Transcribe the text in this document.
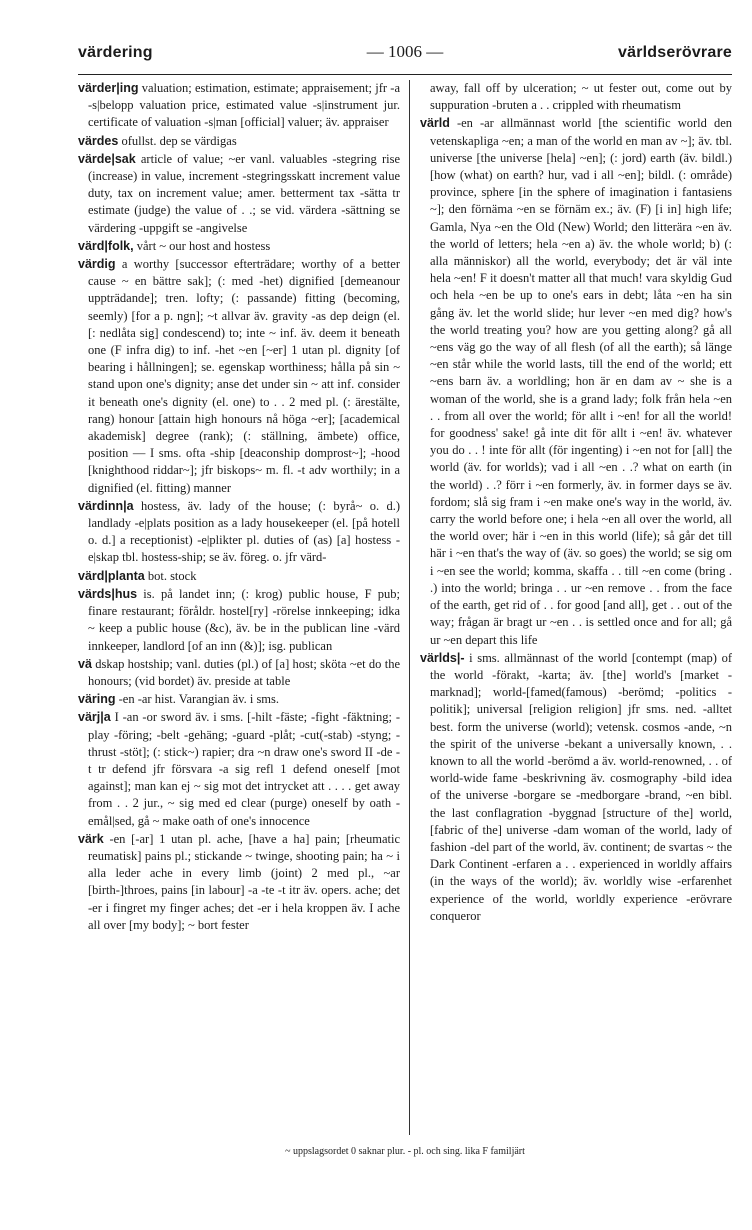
värdering	— 1006 —	världserövrare

värder|ing valuation; estimation, estimate; appraisement; jfr -a -s|belopp valuation price, estimated value -s|instrument jur. certificate of valuation -s|man [official] valuer; äv. appraiser

värdes ofullst. dep se värdigas

värde|sak article of value; ~er vanl. valuables -stegring rise (increase) in value, increment -stegringsskatt increment value duty, tax on increment value; amer. betterment tax -sätta tr estimate (judge) the value of . .; se vid. värdera -sättning se värdering -uppgift se -angivelse

värd|folk, vårt ~ our host and hostess

värdig a worthy [successor efterträdare; worthy of a better cause ~ en bättre sak]; (: med -het) dignified [demeanour uppträdande]; tren. lofty; (: passande) fitting (becoming, seemly) [for a p. ngn]; ~t allvar äv. gravity -as dep deign (el. [: nedlåta sig] condescend) to; inte ~ inf. äv. deem it beneath one (F infra dig) to inf. -het ~en [~er] 1 utan pl. dignity [of bearing i hållningen]; se. egenskap worthiness; hålla på sin ~ stand upon one's dignity; anse det under sin ~ att inf. consider it beneath one's dignity (el. one) to . . 2 med pl. (: ärestälte, rang) honour [attain high honours nå höga ~er]; [academical akademisk] degree (rank); (: ställning, ämbete) office, position — I sms. ofta -ship [deaconship domprost~]; -hood [knighthood riddar~]; jfr biskops~ m. fl. -t adv worthily; in a dignified (el. fitting) manner

värdinn|a hostess, äv. lady of the house; (: byrå~ o. d.) landlady -e|plats position as a lady housekeeper (el. [på hotell o. d.] a receptionist) -e|plikter pl. duties of (as) [a] hostess -e|skap tbl. hostess-ship; se äv. föreg. o. jfr värd-

värd|planta bot. stock

värds|hus is. på landet inn; (: krog) public house, F pub; finare restaurant; föråldr. hostel[ry] -rörelse innkeeping; idka ~ keep a public house (&c), äv. be in the publican line -värd innkeeper, landlord [of an inn (&)]; isg. publican

vä dskap hostship; vanl. duties (pl.) of [a] host; sköta ~et do the honours; (vid bordet) äv. preside at table

väring -en -ar hist. Varangian äv. i sms.

värj|a I -an -or sword äv. i sms. [-hilt -fäste; -fight -fäktning; -play -föring; -belt -gehäng; -guard -plåt; -cut(-stab) -styng; -thrust -stöt]; (: stick~) rapier; dra ~n draw one's sword II -de -t tr defend jfr försvara -a sig refl 1 defend oneself [mot against]; man kan ej ~ sig mot det intrycket att . . . . get away from . . 2 jur., ~ sig med ed clear (purge) oneself by oath -emål|sed, gå ~ make oath of one's innocence

värk -en [-ar] 1 utan pl. ache, [have a ha] pain; [rheumatic reumatisk] pains pl.; stickande ~ twinge, shooting pain; ha ~ i alla leder ache in every limb (joint) 2 med pl., ~ar [birth-]throes, pains [in labour] -a -te -t itr äv. opers. ache; det -er i fingret my finger aches; det -er i hela kroppen äv. I ache all over [my body]; ~ bort fester

away, fall off by ulceration; ~ ut fester out, come out by suppuration -bruten a . . crippled with rheumatism

värld -en -ar allmännast world [the scientific world den vetenskapliga ~en; a man of the world en man av ~]; äv. tbl. universe [the universe [hela] ~en]; (: jord) earth (äv. bildl.) [how (what) on earth? hur, vad i all ~en]; bildl. (: område) province, sphere [in the sphere of imagination i fantasiens ~]; den förnäma ~en se förnäm ex.; äv. (F) [i in] high life; Gamla, Nya ~en the Old (New) World; den litterära ~en äv. the world of letters; hela ~en a) äv. the whole world; b) (: alla människor) all the world, everybody; det är väl inte hela ~en! F it doesn't matter all that much! vara skyldig Gud och hela ~en be up to one's ears in debt; låta ~en ha sin gång äv. let the world slide; hur lever ~en med dig? how's the world treating you? how are you getting along? gå all ~ens väg go the way of all flesh (of all the earth); så länge ~en står while the world lasts, till the end of the world; ett ~ens barn äv. a worldling; hon är en dam av ~ she is a woman of the world, she is a grand lady; folk från hela ~en . . from all over the world; för allt i ~en! for all the world! for goodness' sake! gå inte dit för allt i ~en! äv. whatever you do . . ! inte för allt (för ingenting) i ~en not for [all] the world (äv. for worlds); vad i all ~en . .? what on earth (in the world) . .? förr i ~en formerly, äv. in former days se äv. fordom; slå sig fram i ~en make one's way in the world, äv. carry the world before one; i hela ~en all over the world, all the world over; här i ~en in this world (life); så går det till här i ~en that's the way of (äv. so goes) the world; se sig om i ~en see the world; komma, skaffa . . till ~en come (bring . .) into the world; bringa . . ur ~en remove . . from the face of the earth, get rid of . . for good [and all], get . . out of the way; frågan är bragt ur ~en . . is settled once and for all; gå ur ~en depart this life

världs|- i sms. allmännast of the world [contempt (map) of the world -förakt, -karta; äv. [the] world's [market -marknad]; world-[famed(famous) -berömd; -politics -politik]; universal [religion religion] jfr sms. ned. -alltet best. form the universe (world); vetensk. cosmos -ande, ~n the spirit of the universe -bekant a universally known, . . known to all the world -berömd a äv. world-renowned, . . of world-wide fame -beskrivning äv. cosmography -bild idea of the universe -borgare se -medborgare -brand, ~en bibl. the last conflagration -byggnad [structure of the] world, [fabric of the] universe -dam woman of the world, lady of fashion -del part of the world, äv. continent; de svartas ~ the Dark Continent -erfaren a . . experienced in worldly affairs (in the ways of the world); äv. worldly wise -erfarenhet experience of the world, worldly experience -erövrare conqueror

~ uppslagsordet 0 saknar plur. - pl. och sing. lika F familjärt
